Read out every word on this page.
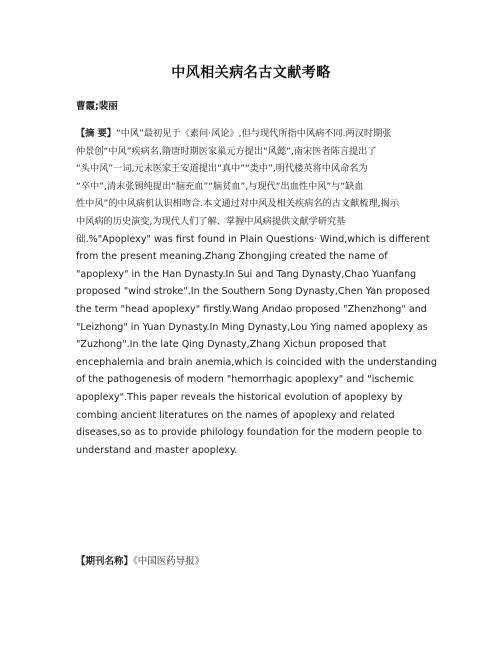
中风相关病名古文献考略
曹霞;裴丽
【摘 要】“中风”最初见于《素问·风论》,但与现代所指中风病不同.两汉时期张
仲景创“中风”疾病名,隋唐时期医家巢元方提出“风懿”,南宋医者陈言提出了
“头中风”一词,元末医家王安道提出“真中”“类中”,明代楼英将中风命名为
“卒中”,清末张锡纯提出“脑充血”“脑贫血”,与现代“出血性中风”与“缺血
性中风”的中风病机认识相吻合.本文通过对中风及相关疾病名的古文献梳理,揭示
中风病的历史演变,为现代人们了解、掌握中风病提供文献学研究基
础.%"Apoplexy" was first found in Plain Questions· Wind,which is different
from the present meaning.Zhang Zhongjing created the name of
"apoplexy" in the Han Dynasty.In Sui and Tang Dynasty,Chao Yuanfang
proposed "wind stroke".In the Southern Song Dynasty,Chen Yan proposed
the term "head apoplexy" firstly.Wang Andao proposed "Zhenzhong" and
"Leizhong" in Yuan Dynasty.In Ming Dynasty,Lou Ying named apoplexy as
"Zuzhong".In the late Qing Dynasty,Zhang Xichun proposed that
encephalemia and brain anemia,which is coincided with the understanding
of the pathogenesis of modern "hemorrhagic apoplexy" and "ischemic
apoplexy".This paper reveals the historical evolution of apoplexy by
combing ancient literatures on the names of apoplexy and related
diseases,so as to provide philology foundation for the modern people to
understand and master apoplexy.
【期刊名称】《中国医药导报》
